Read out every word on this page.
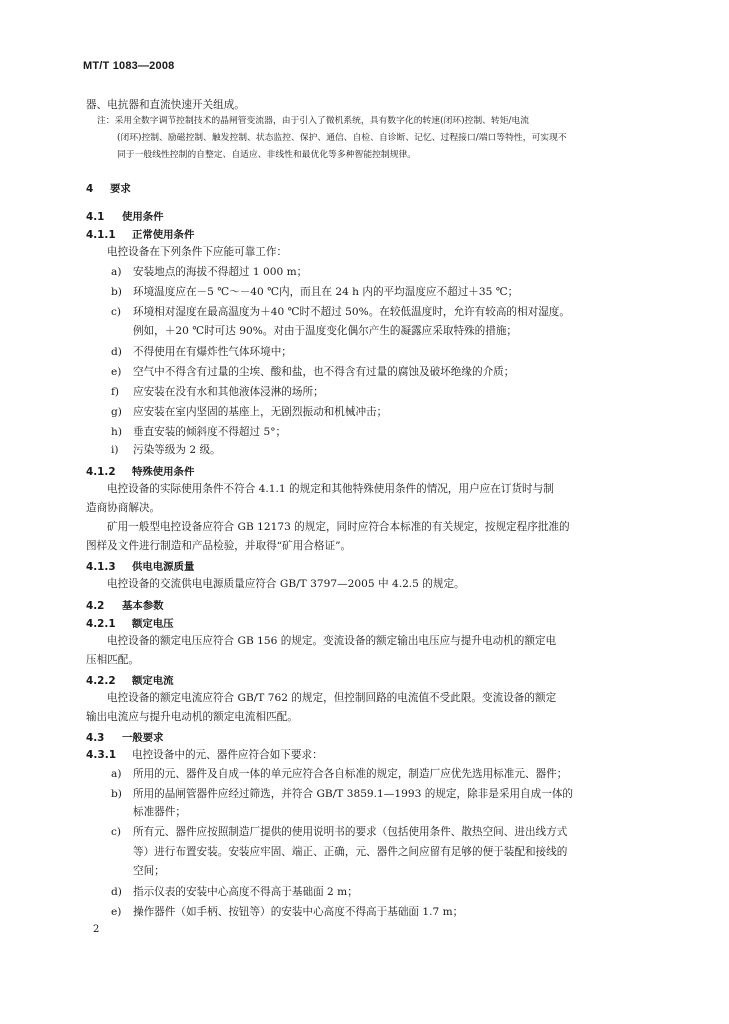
MT/T 1083—2008
器、电抗器和直流快速开关组成。
注：采用全数字调节控制技术的晶闸管变流器，由于引入了微机系统，具有数字化的转速(闭环)控制、转矩/电流
(闭环)控制、励磁控制、触发控制、状态监控、保护、通信、自检、自诊断、记忆、过程接口/端口等特性，可实现不
同于一般线性控制的自整定、自适应、非线性和最优化等多种智能控制规律。
4 要求
4.1 使用条件
4.1.1 正常使用条件
电控设备在下列条件下应能可靠工作：
a) 安装地点的海拔不得超过 1 000 m；
b) 环境温度应在－5 ℃～－40 ℃内，而且在 24 h 内的平均温度应不超过＋35 ℃；
c) 环境相对湿度在最高温度为＋40 ℃时不超过 50%。在较低温度时，允许有较高的相对湿度。
例如，＋20 ℃时可达 90%。对由于温度变化偶尔产生的凝露应采取特殊的措施；
d) 不得使用在有爆炸性气体环境中；
e) 空气中不得含有过量的尘埃、酸和盐，也不得含有过量的腐蚀及破坏绝缘的介质；
f) 应安装在没有水和其他液体浸淋的场所；
g) 应安装在室内坚固的基座上，无剧烈振动和机械冲击；
h) 垂直安装的倾斜度不得超过 5°；
i) 污染等级为 2 级。
4.1.2 特殊使用条件
电控设备的实际使用条件不符合 4.1.1 的规定和其他特殊使用条件的情况，用户应在订货时与制
造商协商解决。
矿用一般型电控设备应符合 GB 12173 的规定，同时应符合本标准的有关规定，按规定程序批准的
图样及文件进行制造和产品检验，并取得“矿用合格证”。
4.1.3 供电电源质量
电控设备的交流供电电源质量应符合 GB/T 3797—2005 中 4.2.5 的规定。
4.2 基本参数
4.2.1 额定电压
电控设备的额定电压应符合 GB 156 的规定。变流设备的额定输出电压应与提升电动机的额定电
压相匹配。
4.2.2 额定电流
电控设备的额定电流应符合 GB/T 762 的规定，但控制回路的电流值不受此限。变流设备的额定
输出电流应与提升电动机的额定电流相匹配。
4.3 一般要求
4.3.1 电控设备中的元、器件应符合如下要求：
a) 所用的元、器件及自成一体的单元应符合各自标准的规定，制造厂应优先选用标准元、器件；
b) 所用的晶闸管器件应经过筛选，并符合 GB/T 3859.1—1993 的规定，除非是采用自成一体的
标准器件；
c) 所有元、器件应按照制造厂提供的使用说明书的要求（包括使用条件、散热空间、进出线方式
等）进行布置安装。安装应牢固、端正、正确，元、器件之间应留有足够的便于装配和接线的
空间；
d) 指示仪表的安装中心高度不得高于基础面 2 m；
e) 操作器件（如手柄、按钮等）的安装中心高度不得高于基础面 1.7 m；
2
